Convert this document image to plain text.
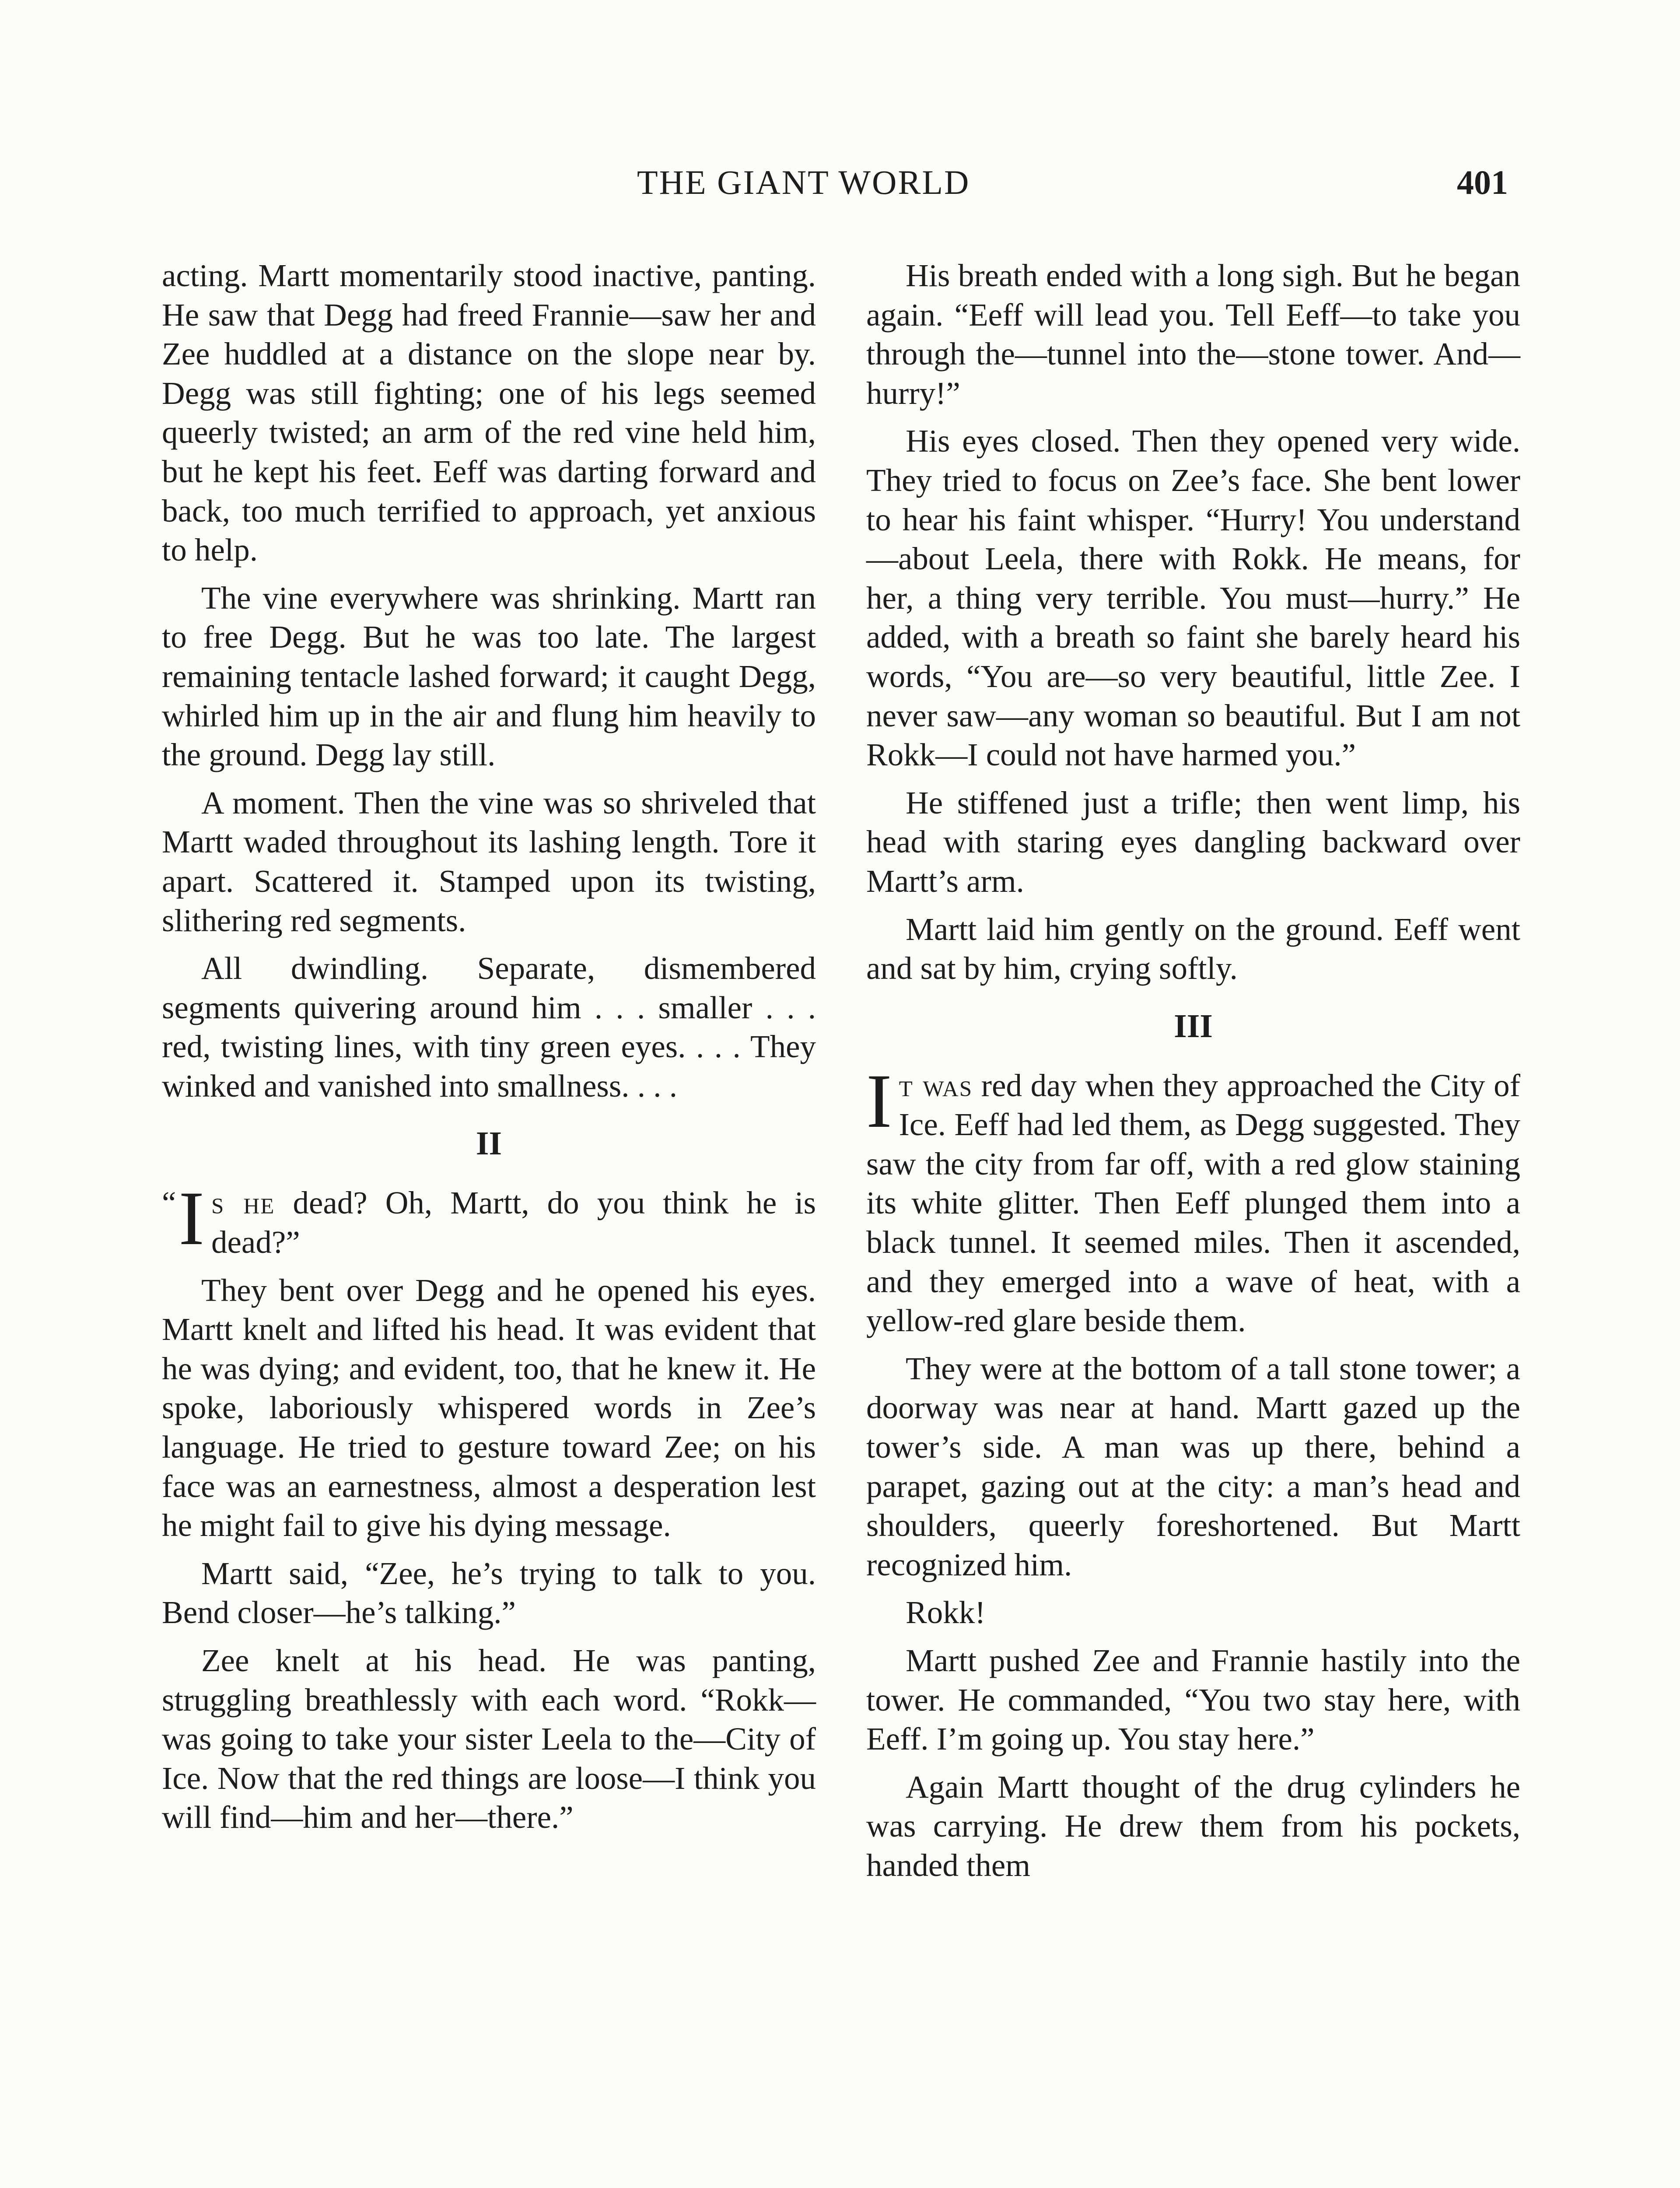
THE GIANT WORLD	401

acting. Martt momentarily stood inactive, panting. He saw that Degg had freed Frannie—saw her and Zee huddled at a distance on the slope near by. Degg was still fighting; one of his legs seemed queerly twisted; an arm of the red vine held him, but he kept his feet. Eeff was darting forward and back, too much terrified to approach, yet anxious to help.

The vine everywhere was shrinking. Martt ran to free Degg. But he was too late. The largest remaining tentacle lashed forward; it caught Degg, whirled him up in the air and flung him heavily to the ground. Degg lay still.

A moment. Then the vine was so shriveled that Martt waded throughout its lashing length. Tore it apart. Scattered it. Stamped upon its twisting, slithering red segments.

All dwindling. Separate, dismembered segments quivering around him . . . smaller . . . red, twisting lines, with tiny green eyes. . . . They winked and vanished into smallness. . . .

II

“ I s he dead? Oh, Martt, do you think he is dead?”

They bent over Degg and he opened his eyes. Martt knelt and lifted his head. It was evident that he was dying; and evident, too, that he knew it. He spoke, laboriously whispered words in Zee’s language. He tried to gesture toward Zee; on his face was an earnestness, almost a desperation lest he might fail to give his dying message.

Martt said, “Zee, he’s trying to talk to you. Bend closer—he’s talking.”

Zee knelt at his head. He was panting, struggling breathlessly with each word. “Rokk—was going to take your sister Leela to the—City of Ice. Now that the red things are loose—I think you will find—him and her—there.”

His breath ended with a long sigh. But he began again. “Eeff will lead you. Tell Eeff—to take you through the—tunnel into the—stone tower. And—hurry!”

His eyes closed. Then they opened very wide. They tried to focus on Zee’s face. She bent lower to hear his faint whisper. “Hurry! You understand—about Leela, there with Rokk. He means, for her, a thing very terrible. You must—hurry.” He added, with a breath so faint she barely heard his words, “You are—so very beautiful, little Zee. I never saw—any woman so beautiful. But I am not Rokk—I could not have harmed you.”

He stiffened just a trifle; then went limp, his head with staring eyes dangling backward over Martt’s arm.

Martt laid him gently on the ground. Eeff went and sat by him, crying softly.

III

It was red day when they approached the City of Ice. Eeff had led them, as Degg suggested. They saw the city from far off, with a red glow staining its white glitter. Then Eeff plunged them into a black tunnel. It seemed miles. Then it ascended, and they emerged into a wave of heat, with a yellow-red glare beside them.

They were at the bottom of a tall stone tower; a doorway was near at hand. Martt gazed up the tower’s side. A man was up there, behind a parapet, gazing out at the city: a man’s head and shoulders, queerly foreshortened. But Martt recognized him.

Rokk!

Martt pushed Zee and Frannie hastily into the tower. He commanded, “You two stay here, with Eeff. I’m going up. You stay here.”

Again Martt thought of the drug cylinders he was carrying. He drew them from his pockets, handed them
